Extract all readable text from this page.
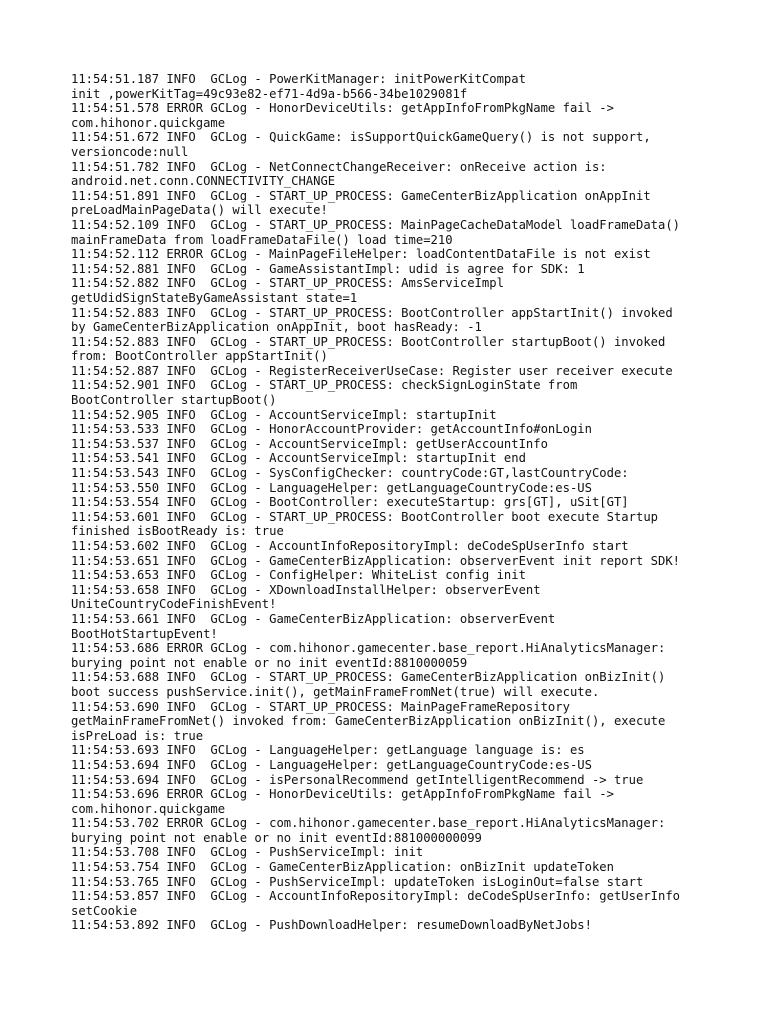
11:54:51.187 INFO  GCLog - PowerKitManager: initPowerKitCompat
init ,powerKitTag=49c93e82-ef71-4d9a-b566-34be1029081f
11:54:51.578 ERROR GCLog - HonorDeviceUtils: getAppInfoFromPkgName fail ->
com.hihonor.quickgame
11:54:51.672 INFO  GCLog - QuickGame: isSupportQuickGameQuery() is not support,
versioncode:null
11:54:51.782 INFO  GCLog - NetConnectChangeReceiver: onReceive action is:
android.net.conn.CONNECTIVITY_CHANGE
11:54:51.891 INFO  GCLog - START_UP_PROCESS: GameCenterBizApplication onAppInit
preLoadMainPageData() will execute!
11:54:52.109 INFO  GCLog - START_UP_PROCESS: MainPageCacheDataModel loadFrameData()
mainFrameData from loadFrameDataFile() load time=210
11:54:52.112 ERROR GCLog - MainPageFileHelper: loadContentDataFile is not exist
11:54:52.881 INFO  GCLog - GameAssistantImpl: udid is agree for SDK: 1
11:54:52.882 INFO  GCLog - START_UP_PROCESS: AmsServiceImpl
getUdidSignStateByGameAssistant state=1
11:54:52.883 INFO  GCLog - START_UP_PROCESS: BootController appStartInit() invoked
by GameCenterBizApplication onAppInit, boot hasReady: -1
11:54:52.883 INFO  GCLog - START_UP_PROCESS: BootController startupBoot() invoked
from: BootController appStartInit()
11:54:52.887 INFO  GCLog - RegisterReceiverUseCase: Register user receiver execute
11:54:52.901 INFO  GCLog - START_UP_PROCESS: checkSignLoginState from
BootController startupBoot()
11:54:52.905 INFO  GCLog - AccountServiceImpl: startupInit
11:54:53.533 INFO  GCLog - HonorAccountProvider: getAccountInfo#onLogin
11:54:53.537 INFO  GCLog - AccountServiceImpl: getUserAccountInfo
11:54:53.541 INFO  GCLog - AccountServiceImpl: startupInit end
11:54:53.543 INFO  GCLog - SysConfigChecker: countryCode:GT,lastCountryCode:
11:54:53.550 INFO  GCLog - LanguageHelper: getLanguageCountryCode:es-US
11:54:53.554 INFO  GCLog - BootController: executeStartup: grs[GT], uSit[GT]
11:54:53.601 INFO  GCLog - START_UP_PROCESS: BootController boot execute Startup
finished isBootReady is: true
11:54:53.602 INFO  GCLog - AccountInfoRepositoryImpl: deCodeSpUserInfo start
11:54:53.651 INFO  GCLog - GameCenterBizApplication: observerEvent init report SDK!
11:54:53.653 INFO  GCLog - ConfigHelper: WhiteList config init
11:54:53.658 INFO  GCLog - XDownloadInstallHelper: observerEvent
UniteCountryCodeFinishEvent!
11:54:53.661 INFO  GCLog - GameCenterBizApplication: observerEvent
BootHotStartupEvent!
11:54:53.686 ERROR GCLog - com.hihonor.gamecenter.base_report.HiAnalyticsManager:
burying point not enable or no init eventId:8810000059
11:54:53.688 INFO  GCLog - START_UP_PROCESS: GameCenterBizApplication onBizInit()
boot success pushService.init(), getMainFrameFromNet(true) will execute.
11:54:53.690 INFO  GCLog - START_UP_PROCESS: MainPageFrameRepository
getMainFrameFromNet() invoked from: GameCenterBizApplication onBizInit(), execute
isPreLoad is: true
11:54:53.693 INFO  GCLog - LanguageHelper: getLanguage language is: es
11:54:53.694 INFO  GCLog - LanguageHelper: getLanguageCountryCode:es-US
11:54:53.694 INFO  GCLog - isPersonalRecommend getIntelligentRecommend -> true
11:54:53.696 ERROR GCLog - HonorDeviceUtils: getAppInfoFromPkgName fail ->
com.hihonor.quickgame
11:54:53.702 ERROR GCLog - com.hihonor.gamecenter.base_report.HiAnalyticsManager:
burying point not enable or no init eventId:881000000099
11:54:53.708 INFO  GCLog - PushServiceImpl: init
11:54:53.754 INFO  GCLog - GameCenterBizApplication: onBizInit updateToken
11:54:53.765 INFO  GCLog - PushServiceImpl: updateToken isLoginOut=false start
11:54:53.857 INFO  GCLog - AccountInfoRepositoryImpl: deCodeSpUserInfo: getUserInfo
setCookie
11:54:53.892 INFO  GCLog - PushDownloadHelper: resumeDownloadByNetJobs!
